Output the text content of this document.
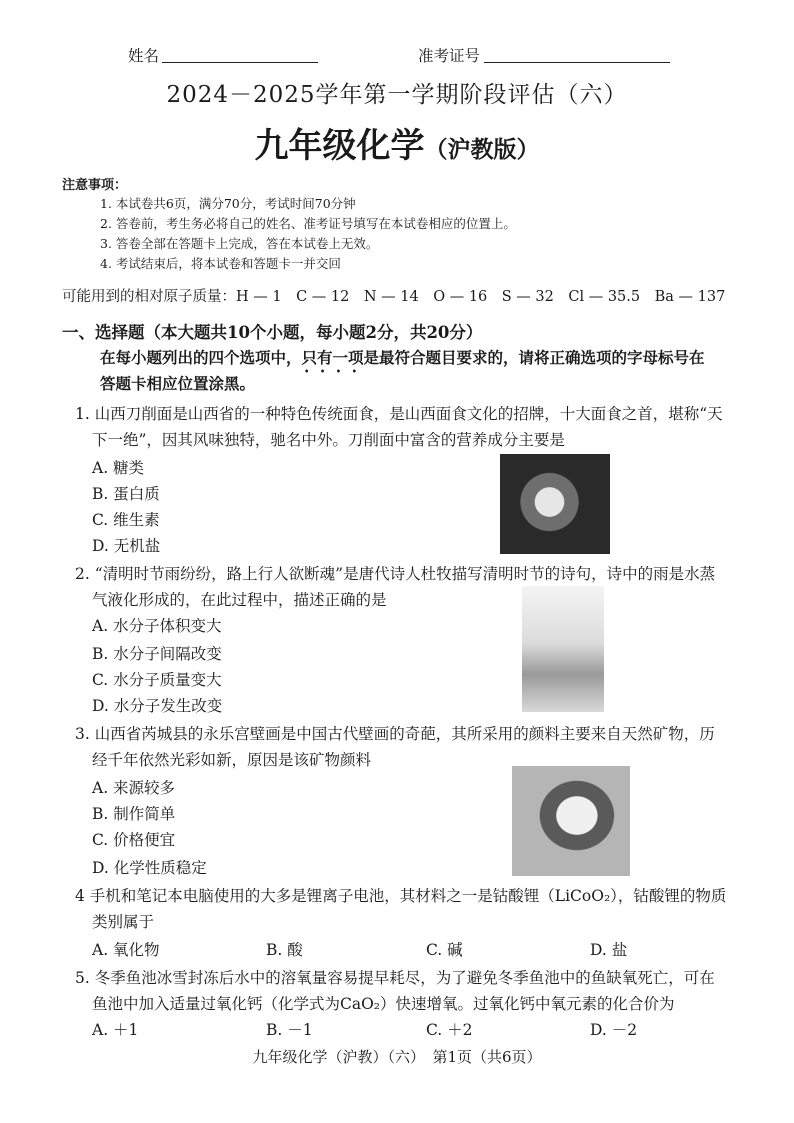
姓名	准考证号
2024－2025学年第一学期阶段评估（六）
九年级化学（沪教版）
注意事项：
1. 本试卷共6页，满分70分，考试时间70分钟
2. 答卷前，考生务必将自己的姓名、准考证号填写在本试卷相应的位置上。
3. 答卷全部在答题卡上完成，答在本试卷上无效。
4. 考试结束后，将本试卷和答题卡一并交回
可能用到的相对原子质量：H — 1　C — 12　N — 14　O — 16　S — 32　Cl — 35.5　Ba — 137
一、选择题（本大题共10个小题，每小题2分，共20分）
在每小题列出的四个选项中，只有一项 • • • •是最符合题目要求的，请将正确选项的字母标号在
答题卡相应位置涂黑。
1. 山西刀削面是山西省的一种特色传统面食，是山西面食文化的招牌，十大面食之首，堪称“天
下一绝”，因其风味独特，驰名中外。刀削面中富含的营养成分主要是
A. 糖类
B. 蛋白质
C. 维生素
D. 无机盐
2. “清明时节雨纷纷，路上行人欲断魂”是唐代诗人杜牧描写清明时节的诗句，诗中的雨是水蒸
气液化形成的，在此过程中，描述正确的是
A. 水分子体积变大
B. 水分子间隔改变
C. 水分子质量变大
D. 水分子发生改变
3. 山西省芮城县的永乐宫壁画是中国古代壁画的奇葩，其所采用的颜料主要来自天然矿物，历
经千年依然光彩如新，原因是该矿物颜料
A. 来源较多
B. 制作简单
C. 价格便宜
D. 化学性质稳定
4 手机和笔记本电脑使用的大多是锂离子电池，其材料之一是钴酸锂（LiCoO₂），钴酸锂的物质
类别属于
A. 氧化物	B. 酸	C. 碱	D. 盐
5. 冬季鱼池冰雪封冻后水中的溶氧量容易提早耗尽，为了避免冬季鱼池中的鱼缺氧死亡，可在
鱼池中加入适量过氧化钙（化学式为CaO₂）快速增氧。过氧化钙中氧元素的化合价为
A. ＋1	B. －1	C. ＋2	D. －2
九年级化学（沪教）（六）　第1页（共6页）
